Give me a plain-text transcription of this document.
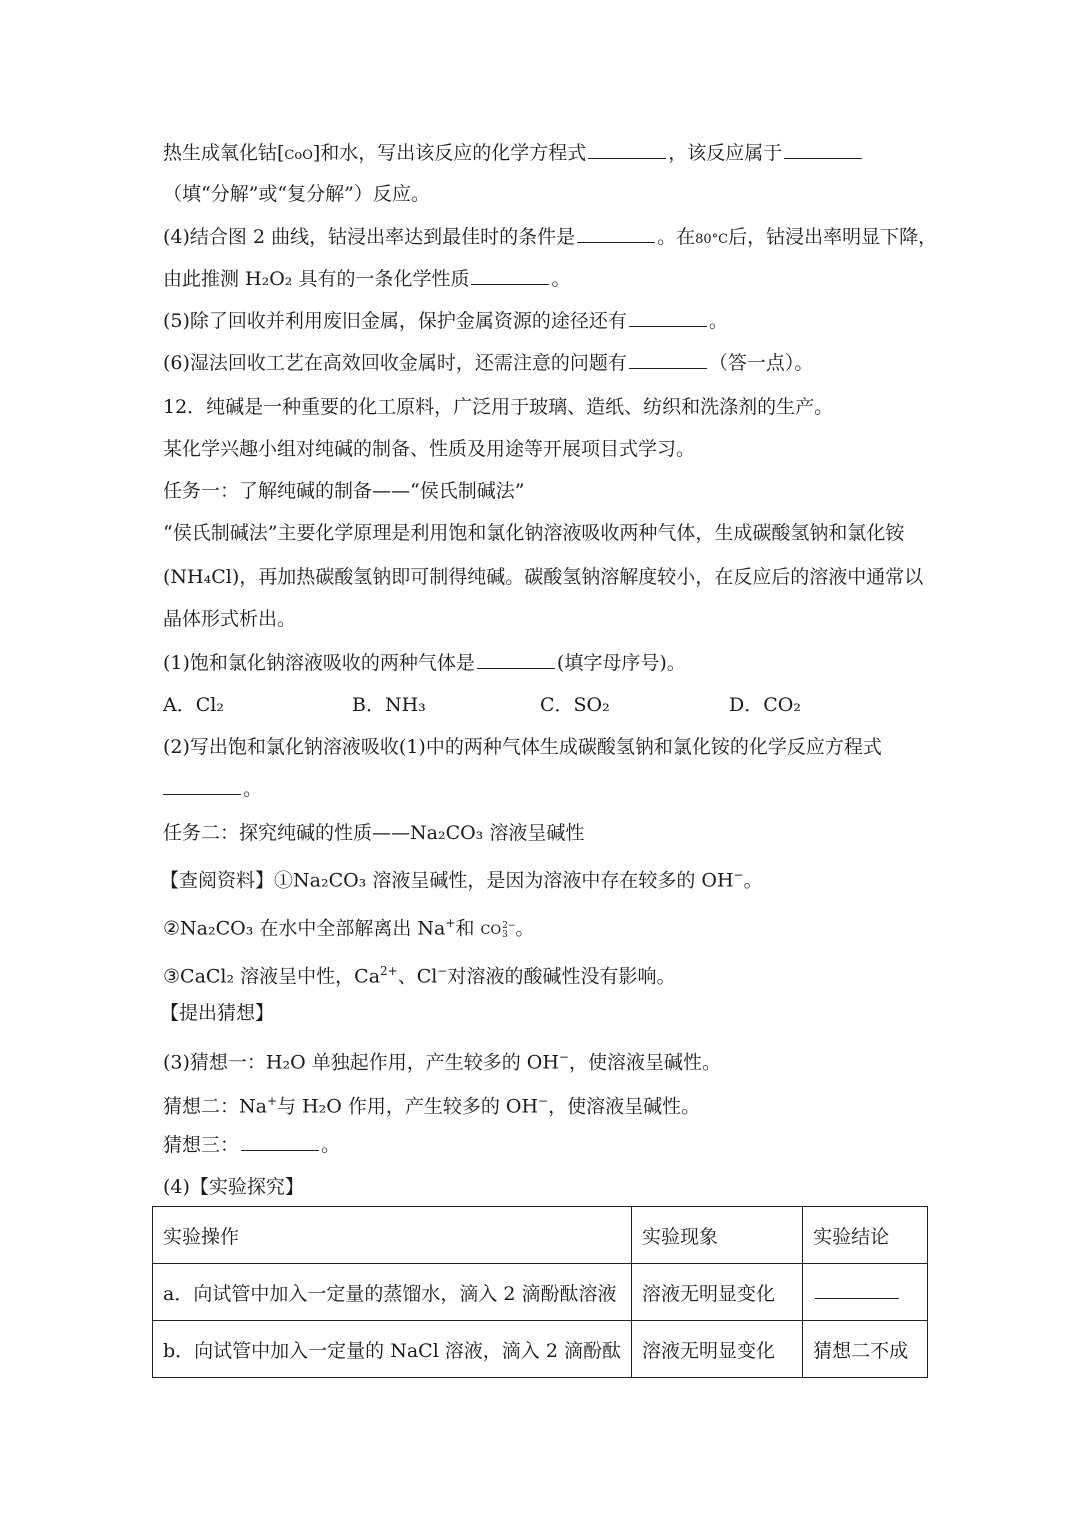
热生成氧化钴[CoO]和水，写出该反应的化学方程式	，该反应属于
（填“分解”或“复分解”）反应。
(4)结合图 2 曲线，钴浸出率达到最佳时的条件是	。在80°C后，钴浸出率明显下降，
由此推测 H₂O₂ 具有的一条化学性质	。
(5)除了回收并利用废旧金属，保护金属资源的途径还有	。
(6)湿法回收工艺在高效回收金属时，还需注意的问题有	（答一点）。
12．纯碱是一种重要的化工原料，广泛用于玻璃、造纸、纺织和洗涤剂的生产。
某化学兴趣小组对纯碱的制备、性质及用途等开展项目式学习。
任务一：了解纯碱的制备——“侯氏制碱法”
“侯氏制碱法”主要化学原理是利用饱和氯化钠溶液吸收两种气体，生成碳酸氢钠和氯化铵
(NH₄Cl)，再加热碳酸氢钠即可制得纯碱。碳酸氢钠溶解度较小，在反应后的溶液中通常以
晶体形式析出。
(1)饱和氯化钠溶液吸收的两种气体是	(填字母序号)。
A．Cl₂	B．NH₃	C．SO₂	D．CO₂
(2)写出饱和氯化钠溶液吸收(1)中的两种气体生成碳酸氢钠和氯化铵的化学反应方程式
。
任务二：探究纯碱的性质——Na₂CO₃ 溶液呈碱性
【查阅资料】①Na₂CO₃ 溶液呈碱性，是因为溶液中存在较多的 OH−。
②Na₂CO₃ 在水中全部解离出 Na+和 CO2−
3 。
③CaCl₂ 溶液呈中性，$Ca^{2+}$、Cl−对溶液的酸碱性没有影响。
【提出猜想】
(3)猜想一：H₂O 单独起作用，产生较多的 OH−，使溶液呈碱性。
猜想二：Na+与 H₂O 作用，产生较多的 OH−，使溶液呈碱性。
猜想三：	。
(4)【实验探究】
实验操作	实验现象	实验结论
a．向试管中加入一定量的蒸馏水，滴入 2 滴酚酞溶液	溶液无明显变化	
b．向试管中加入一定量的 NaCl 溶液，滴入 2 滴酚酞	溶液无明显变化	猜想二不成
